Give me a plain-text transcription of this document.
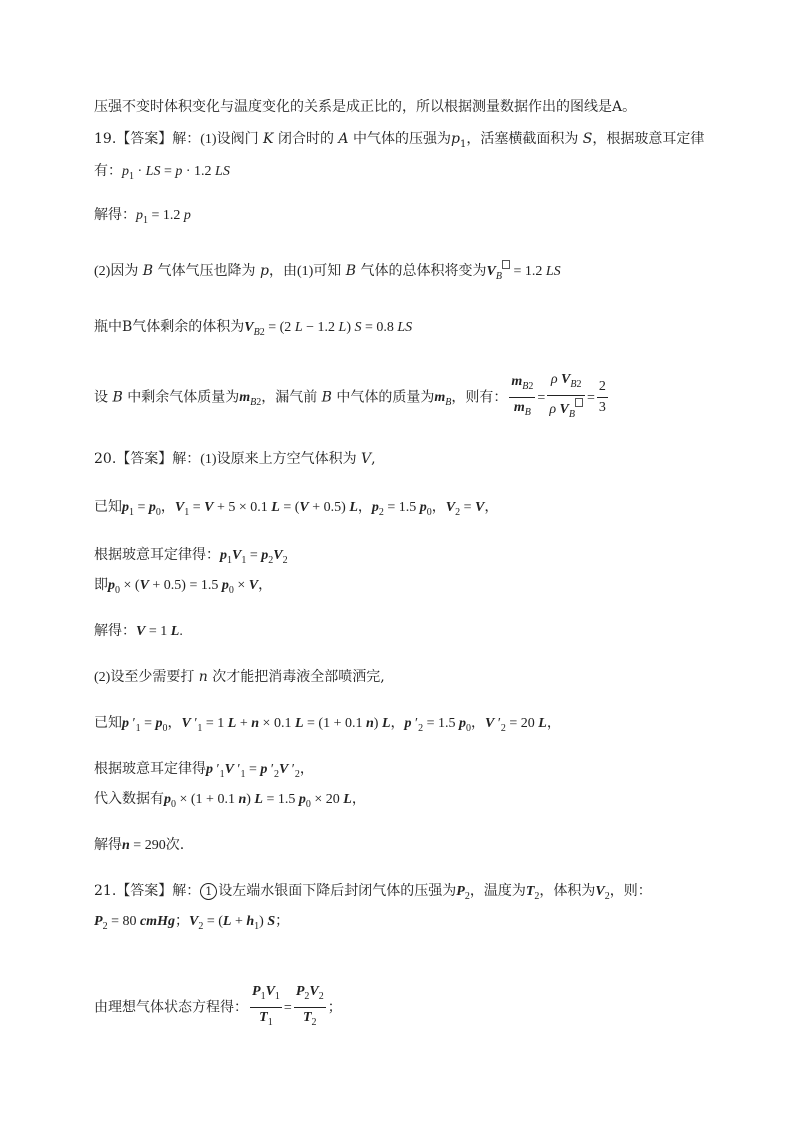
压强不变时体积变化与温度变化的关系是成正比的，所以根据测量数据作出的图线是A。
19.【答案】解：(1)设阀门 K 闭合时的 A 中气体的压强为$p_1$，活塞横截面积为 S，根据玻意耳定律
有：$p_1$ · LS = p · 1.2 LS
解得：$p_1 = 1.2$ p
(2)因为 B 气体气压也降为 p，由(1)可知 B 气体的总体积将变为$V_B = 1.2$ LS
瓶中B气体剩余的体积为$V_{B2} = (2$ L − 1.2 L) S = 0.8 LS
设 B 中剩余气体质量为$m_{B2}$，漏气前 B 中气体的质量为$m_B$，则有： $\frac{m_{B2}}{m_B} = \frac{\rho V_{B2}}{\rho V_B} = \frac{2}{3}$
20.【答案】解：(1)设原来上方空气体积为 V,
已知$p_1 = p_0$，$V_1 = V + 5 \times 0.1$ L = (V + 0.5) L，$p_2 = 1.5$ $p_0$，$V_2 = V$，
根据玻意耳定律得：$p_1V_1 = p_2V_2$
即$p_0 \times (V + 0.5) = 1.5$ $p_0 \times V$，
解得：V = 1 L.
(2)设至少需要打 n 次才能把消毒液全部喷洒完,
已知p $'_1 = p_0$，V $'_1 = 1$ L + n × 0.1 L = (1 + 0.1 n) L，p $'_2 = 1.5$ $p_0$，V $'_2 = 20$ L，
根据玻意耳定律得p $'_1V$ $'_1 = p$ $'_2V$ $'_2$，
代入数据有$p_0 \times (1 + 0.1$ n) L = 1.5 $p_0 \times 20$ L，
解得n = 290次.
21.【答案】解： 1 设左端水银面下降后封闭气体的压强为$P_2$，温度为$T_2$，体积为$V_2$，则：
$P_2 = 80$ cmHg；$V_2 = (L + h_1)$ S；
由理想气体状态方程得： $\frac{P_1V_1}{T_1} = \frac{P_2V_2}{T_2}$ ；
